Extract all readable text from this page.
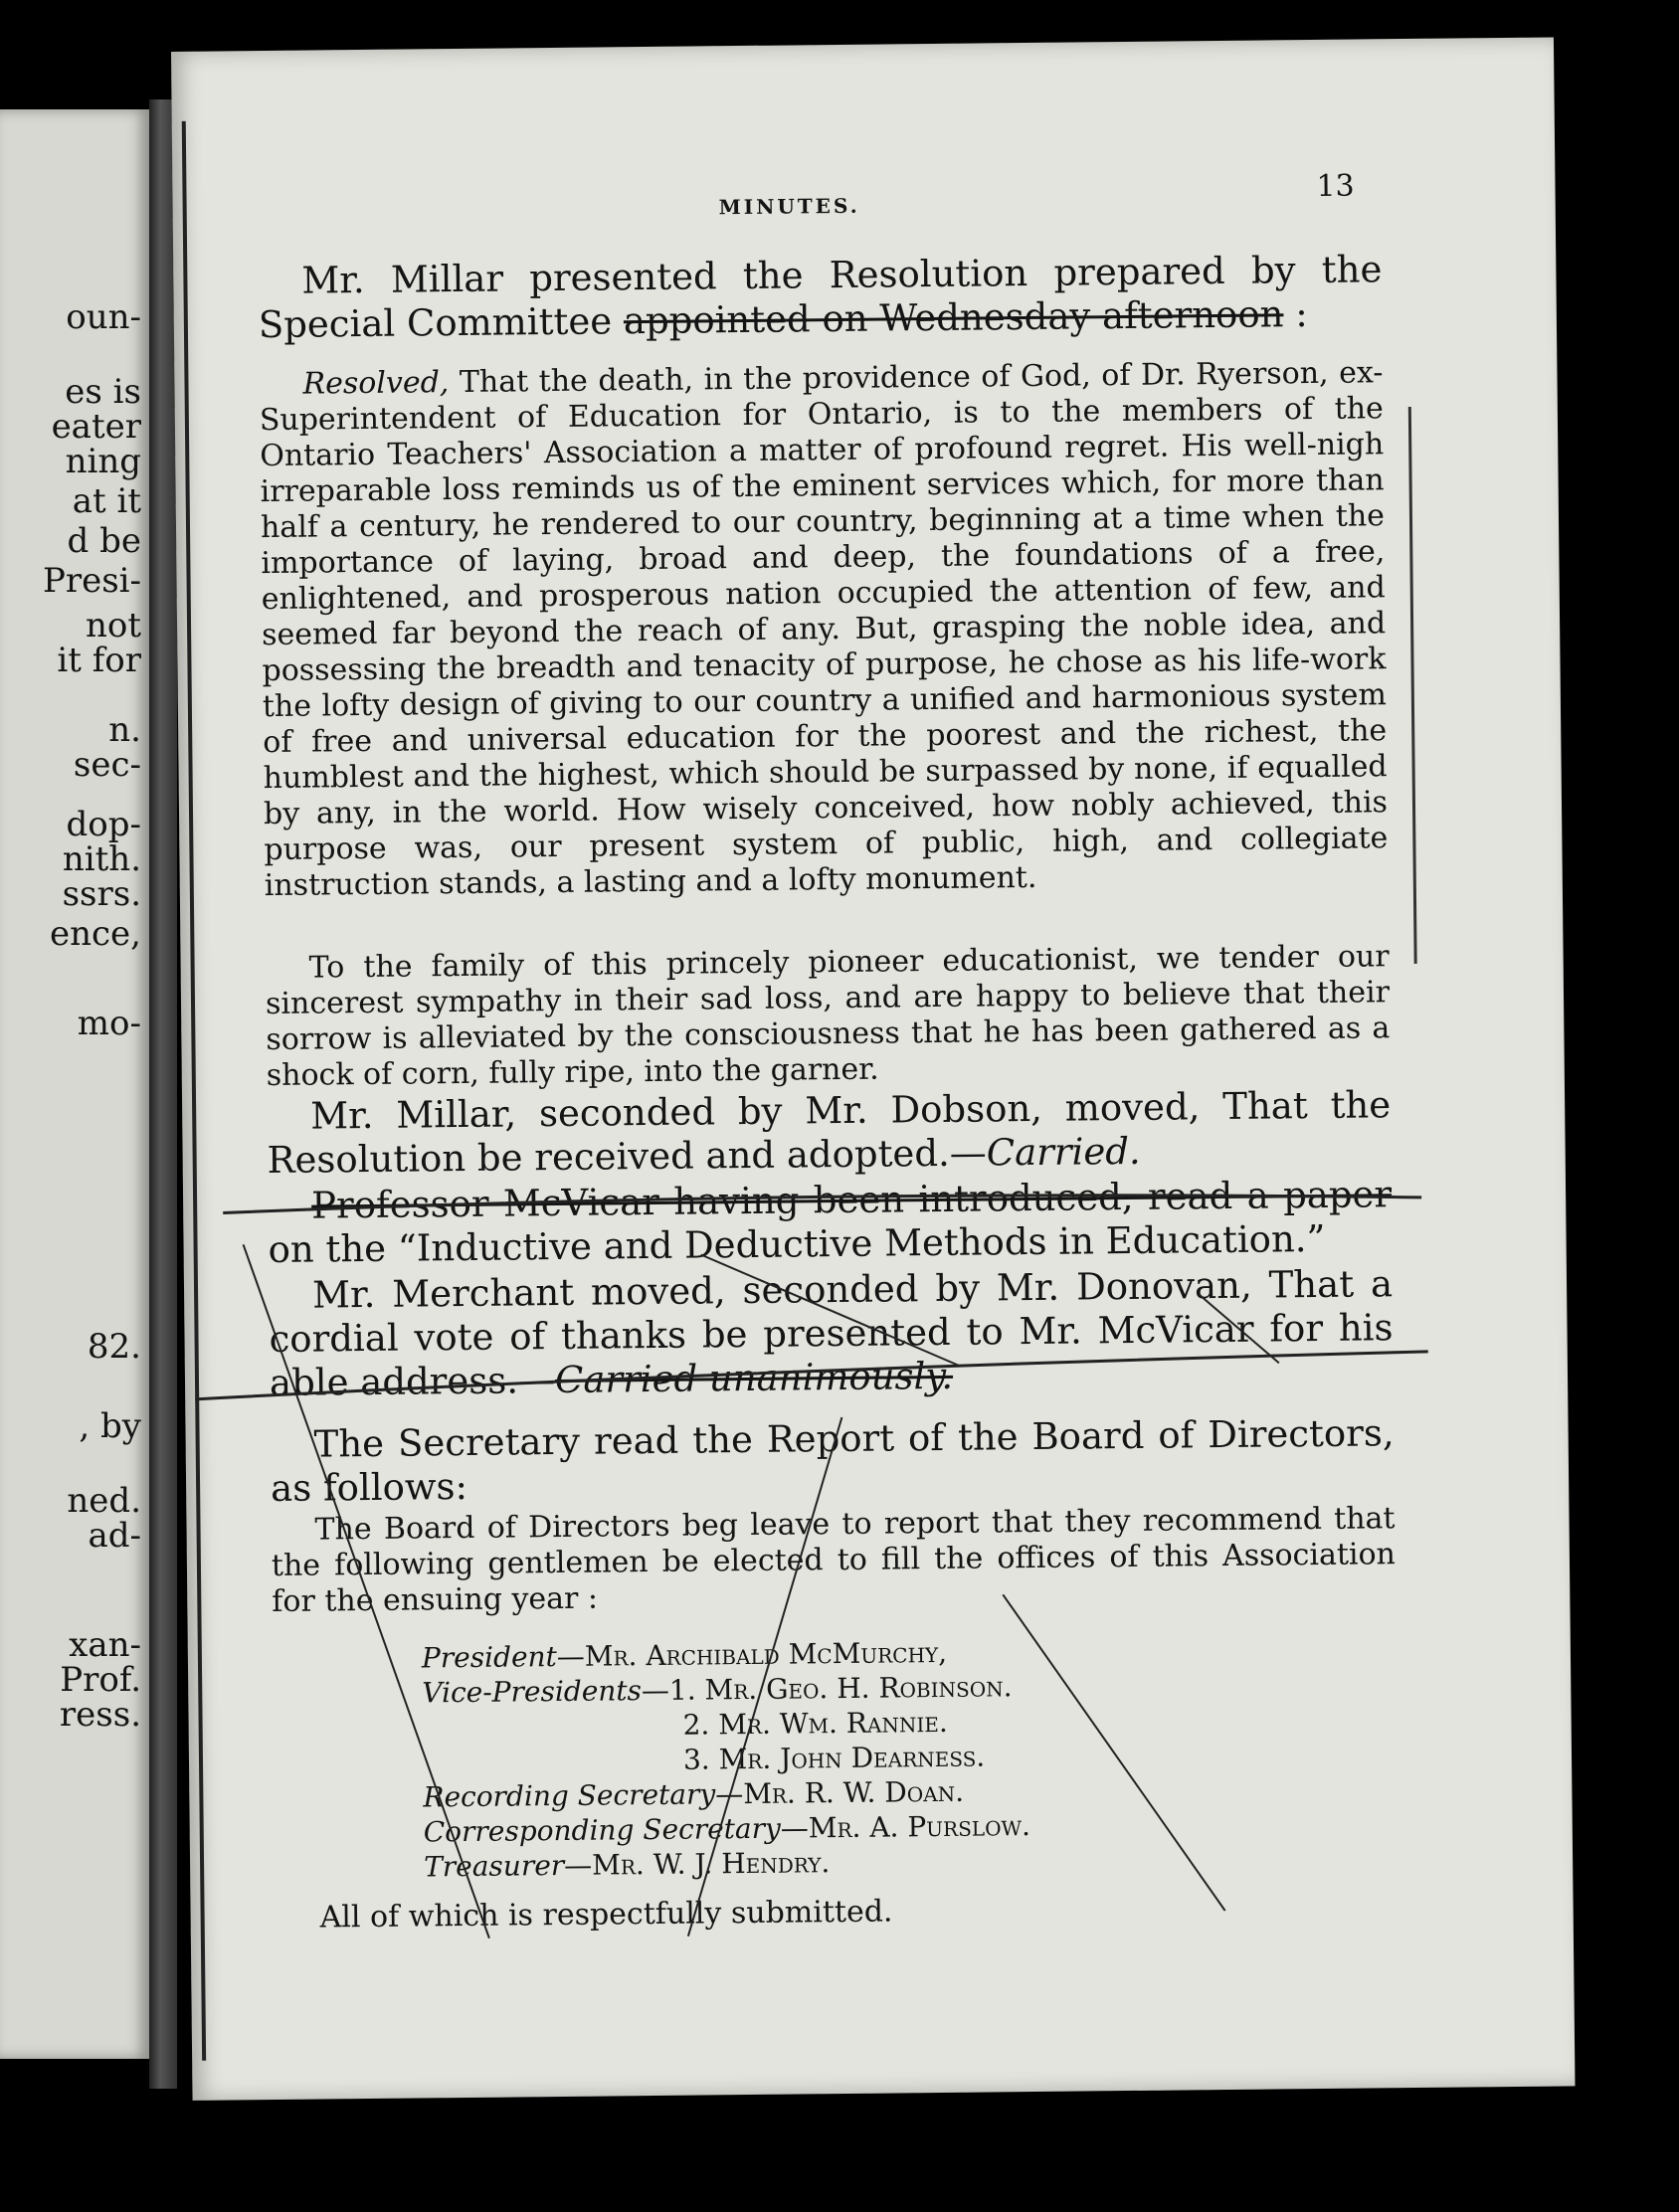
oun-
es is
eater
ning
at it
d be
Presi-
not
it for
n.
sec-
dop-
nith.
ssrs.
ence,
mo-
82.
, by
ned.
ad-
xan-
Prof.
ress.
MINUTES.
13
Mr. Millar presented the Resolution prepared by the Special Committee appointed on Wednesday afternoon :
Resolved, That the death, in the providence of God, of Dr. Ryerson, ex-Superintendent of Education for Ontario, is to the members of the Ontario Teachers' Association a matter of profound regret. His well-nigh irreparable loss reminds us of the eminent services which, for more than half a century, he rendered to our country, beginning at a time when the importance of laying, broad and deep, the foundations of a free, enlightened, and prosperous nation occupied the attention of few, and seemed far beyond the reach of any. But, grasping the noble idea, and possessing the breadth and tenacity of purpose, he chose as his life-work the lofty design of giving to our country a unified and harmonious system of free and universal education for the poorest and the richest, the humblest and the highest, which should be surpassed by none, if equalled by any, in the world. How wisely conceived, how nobly achieved, this purpose was, our present system of public, high, and collegiate instruction stands, a lasting and a lofty monument.
To the family of this princely pioneer educationist, we tender our sincerest sympathy in their sad loss, and are happy to believe that their sorrow is alleviated by the consciousness that he has been gathered as a shock of corn, fully ripe, into the garner.
Mr. Millar, seconded by Mr. Dobson, moved, That the Resolution be received and adopted.—Carried.
Professor McVicar having been introduced, read a paper on the “Inductive and Deductive Methods in Education.”
Mr. Merchant moved, seconded by Mr. Donovan, That a cordial vote of thanks be presented to Mr. McVicar for his able address.—Carried unanimously.
The Secretary read the Report of the Board of Directors, as follows:
The Board of Directors beg leave to report that they recommend that the following gentlemen be elected to fill the offices of this Association for the ensuing year :
President—Mr. Archibald McMurchy,
Vice-Presidents—1. Mr. Geo. H. Robinson.
2. Mr. Wm. Rannie.
3. Mr. John Dearness.
Recording Secretary—Mr. R. W. Doan.
Corresponding Secretary—Mr. A. Purslow.
Treasurer—Mr. W. J. Hendry.
All of which is respectfully submitted.
